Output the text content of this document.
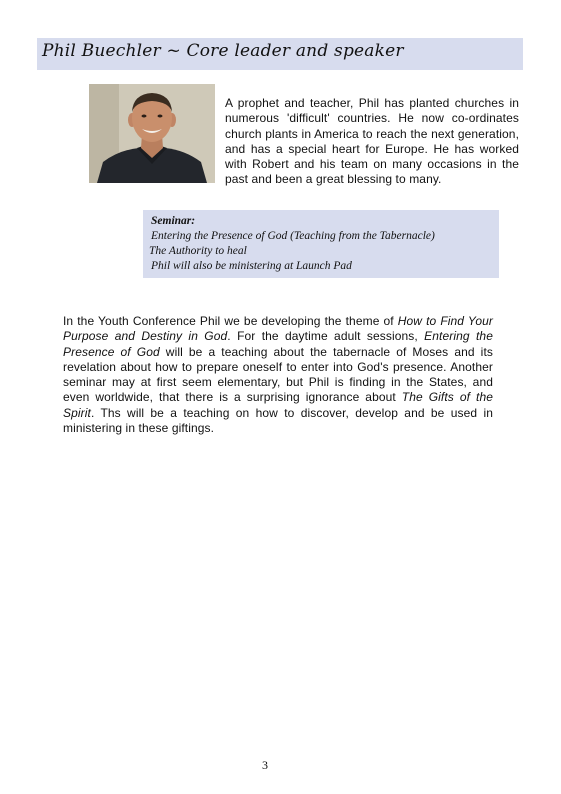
Phil Buechler ~ Core leader and speaker

A prophet and teacher, Phil has planted churches in numerous 'difficult' countries. He now co-ordinates church plants in America to reach the next generation, and has a special heart for Europe. He has worked with Robert and his team on many occasions in the past and been a great blessing to many.

Seminar:
Entering the Presence of God (Teaching from the Tabernacle)
The Authority to heal
Phil will also be ministering at Launch Pad

In the Youth Conference Phil we be developing the theme of How to Find Your Purpose and Destiny in God. For the daytime adult sessions, Entering the Presence of God will be a teaching about the tabernacle of Moses and its revelation about how to prepare oneself to enter into God's presence. Another seminar may at first seem elementary, but Phil is finding in the States, and even worldwide, that there is a surprising ignorance about The Gifts of the Spirit. Ths will be a teaching on how to discover, develop and be used in ministering in these giftings.

3
